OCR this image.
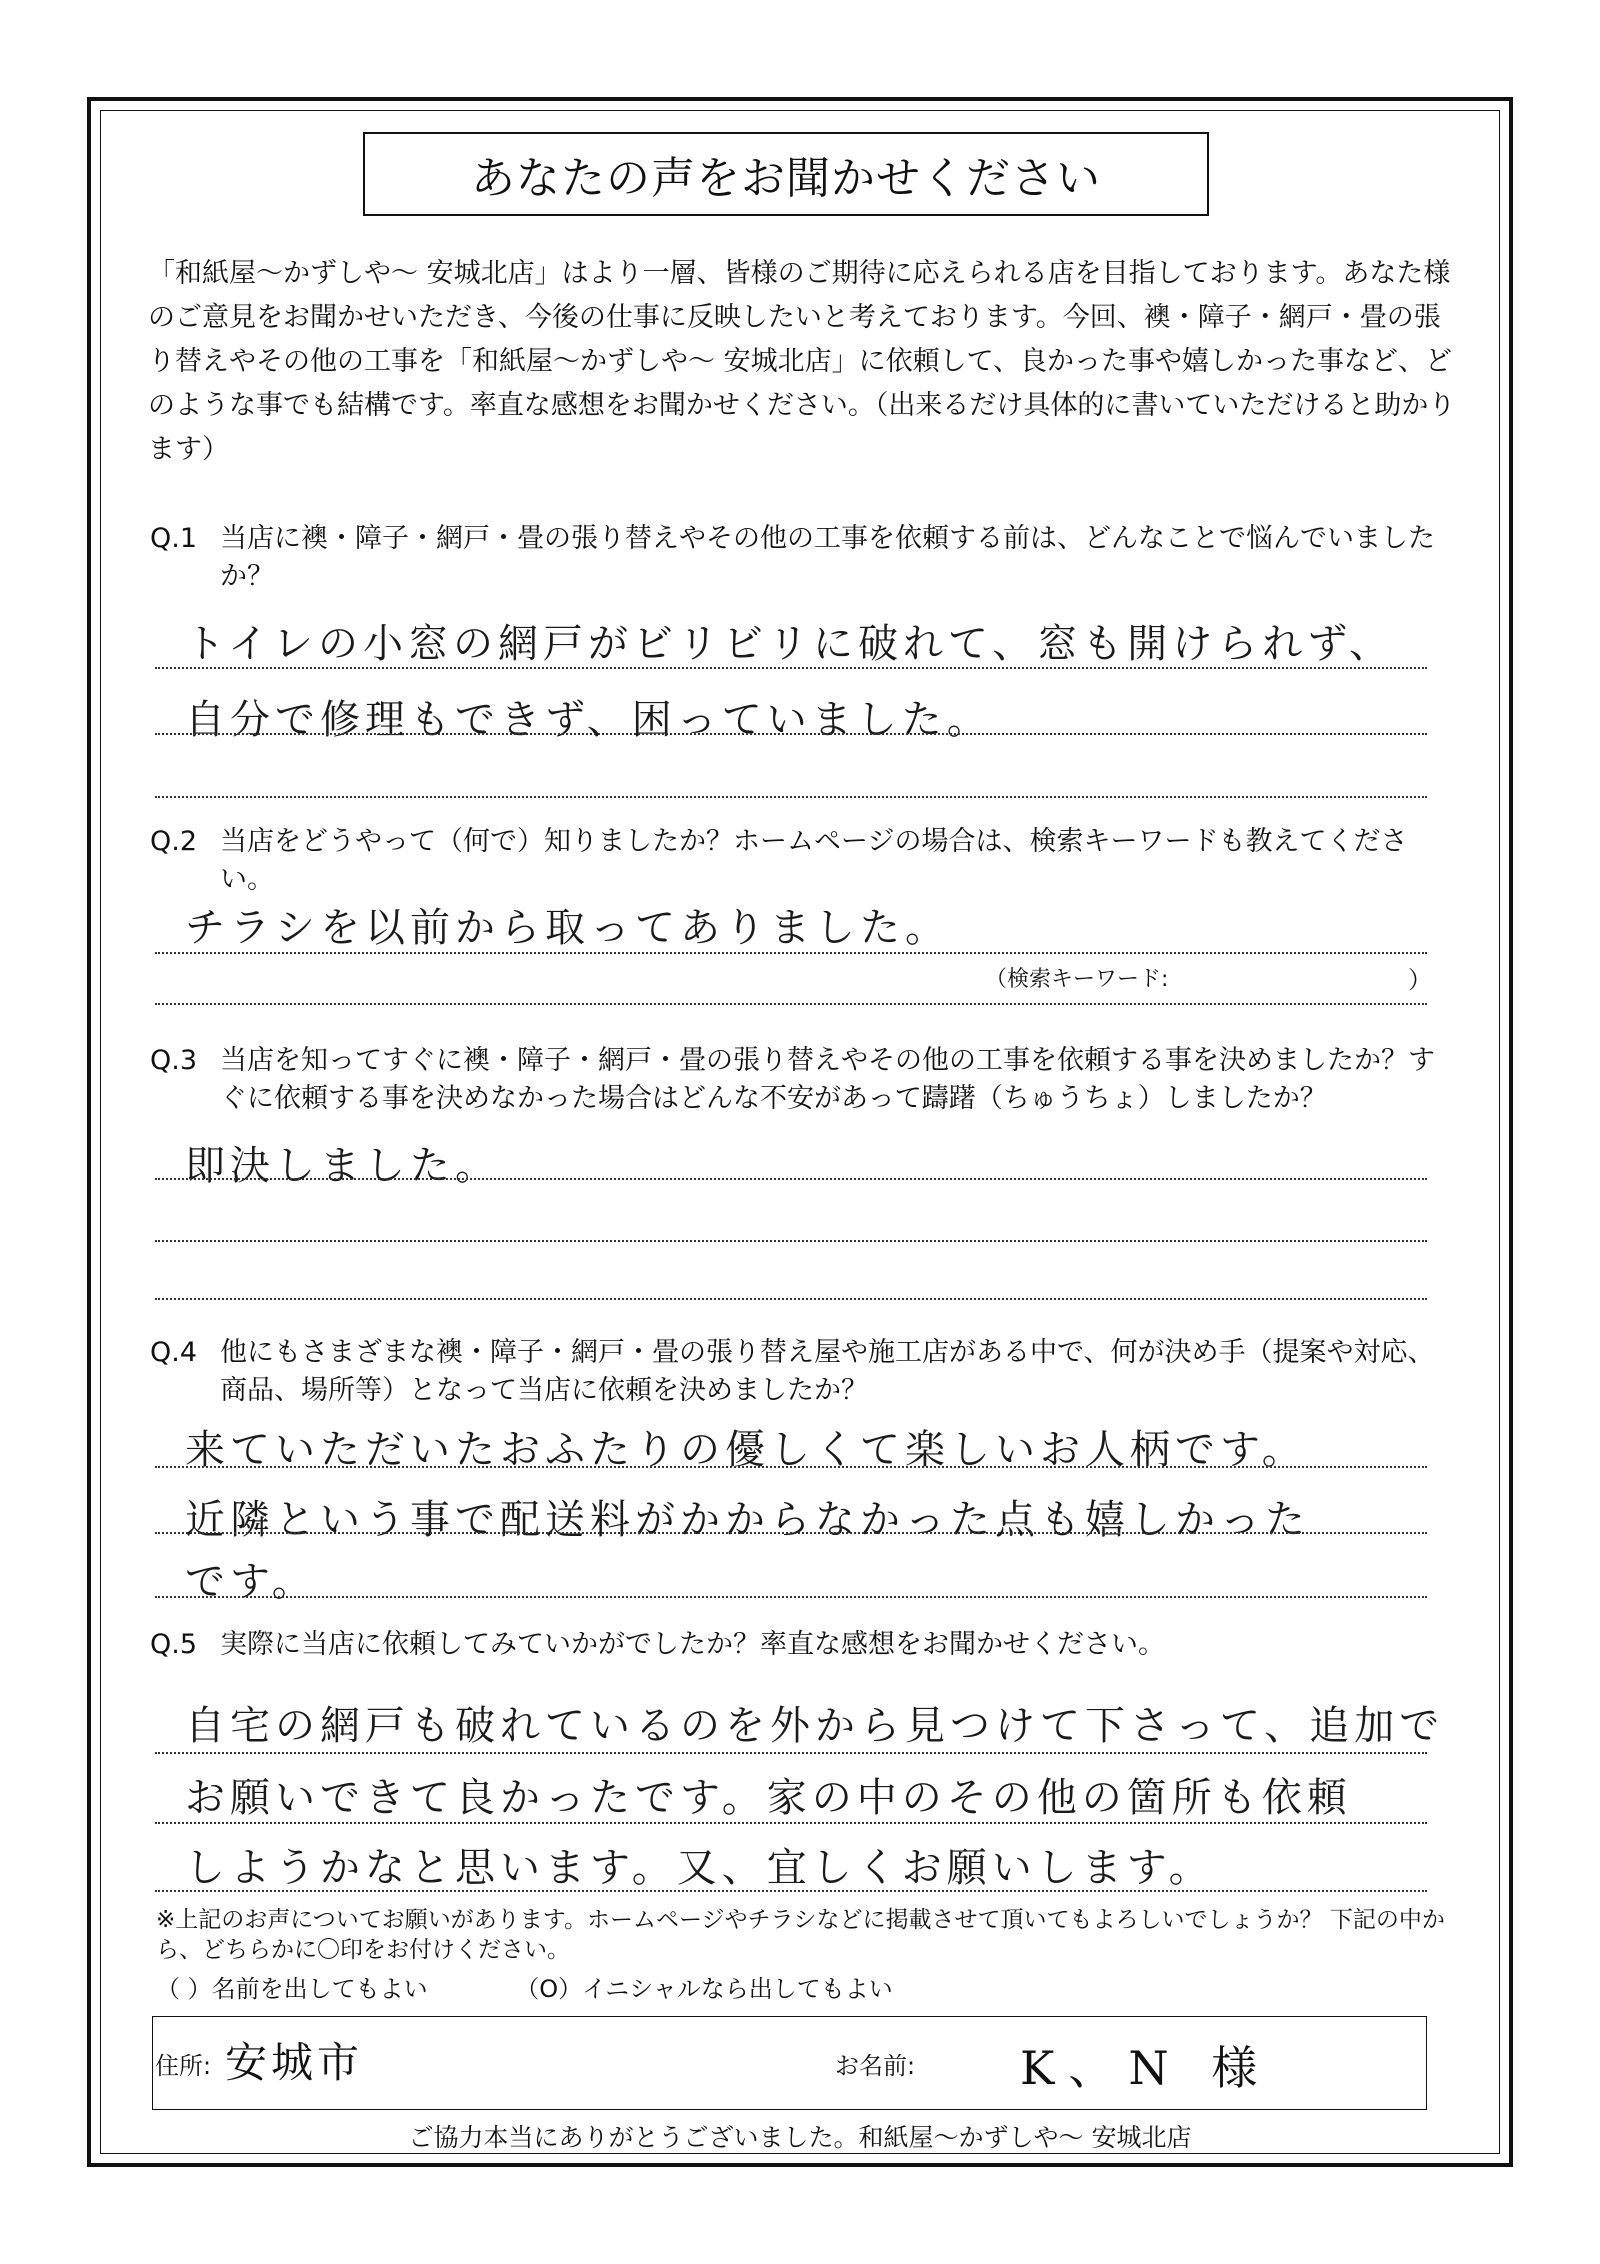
あなたの声をお聞かせください
「和紙屋〜かずしや〜 安城北店」はより一層、皆様のご期待に応えられる店を目指しております。あなた様のご意見をお聞かせいただき、今後の仕事に反映したいと考えております。今回、襖・障子・網戸・畳の張り替えやその他の工事を「和紙屋〜かずしや〜 安城北店」に依頼して、良かった事や嬉しかった事など、どのような事でも結構です。率直な感想をお聞かせください。（出来るだけ具体的に書いていただけると助かります）
Q.1 当店に襖・障子・網戸・畳の張り替えやその他の工事を依頼する前は、どんなことで悩んでいましたか？
トイレの小窓の網戸がビリビリに破れて、窓も開けられず、
自分で修理もできず、困っていました。
Q.2 当店をどうやって（何で）知りましたか？ホームページの場合は、検索キーワードも教えてください。
チラシを以前から取ってありました。
（検索キーワード:	）
Q.3 当店を知ってすぐに襖・障子・網戸・畳の張り替えやその他の工事を依頼する事を決めましたか？すぐに依頼する事を決めなかった場合はどんな不安があって躊躇（ちゅうちょ）しましたか？
即決しました。
Q.4 他にもさまざまな襖・障子・網戸・畳の張り替え屋や施工店がある中で、何が決め手（提案や対応、商品、場所等）となって当店に依頼を決めましたか？
来ていただいたおふたりの優しくて楽しいお人柄です。
近隣という事で配送料がかからなかった点も嬉しかった
です。
Q.5 実際に当店に依頼してみていかがでしたか？率直な感想をお聞かせください。
自宅の網戸も破れているのを外から見つけて下さって、追加で
お願いできて良かったです。家の中のその他の箇所も依頼
しようかなと思います。又、宜しくお願いします。
※上記のお声についてお願いがあります。ホームページやチラシなどに掲載させて頂いてもよろしいでしょうか？ 下記の中から、どちらかに〇印をお付けください。
（ ）名前を出してもよい	（O）イニシャルなら出してもよい
住所: 安城市	お名前: K、N 様
ご協力本当にありがとうございました。和紙屋〜かずしや〜 安城北店
